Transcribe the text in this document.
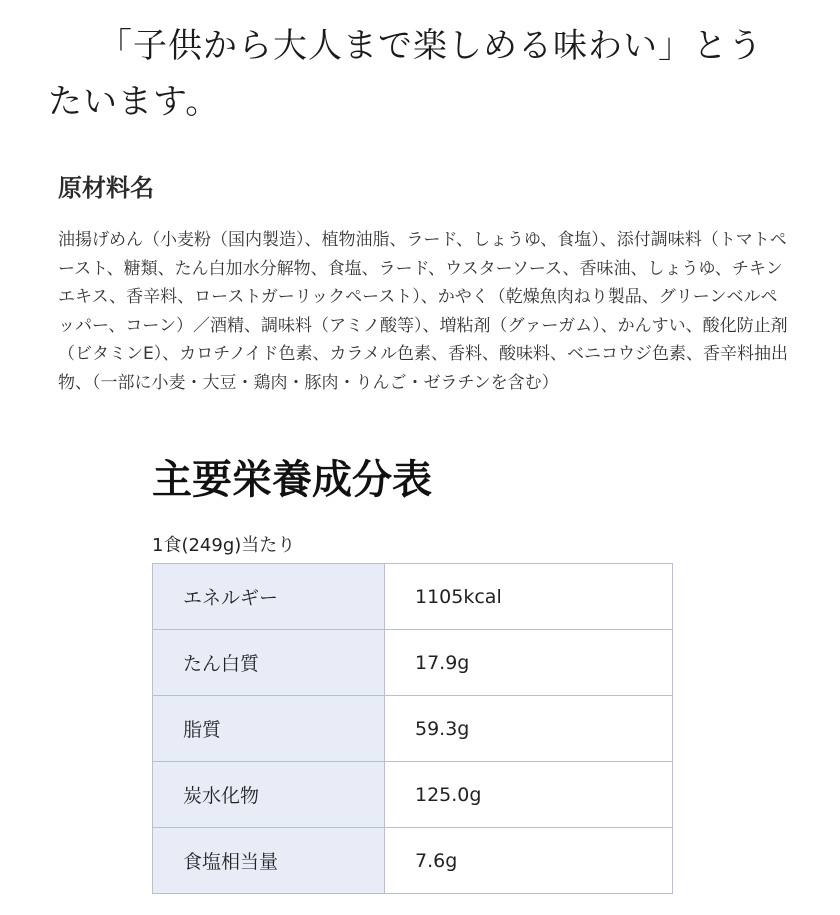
「子供から大人まで楽しめる味わい」とうたいます。

原材料名

油揚げめん（小麦粉（国内製造）、植物油脂、ラード、しょうゆ、食塩）、添付調味料（トマトペースト、糖類、たん白加水分解物、食塩、ラード、ウスターソース、香味油、しょうゆ、チキンエキス、香辛料、ローストガーリックペースト）、かやく（乾燥魚肉ねり製品、グリーンベルペッパー、コーン）／酒精、調味料（アミノ酸等）、増粘剤（グァーガム）、かんすい、酸化防止剤（ビタミンE）、カロチノイド色素、カラメル色素、香料、酸味料、ベニコウジ色素、香辛料抽出物、（一部に小麦・大豆・鶏肉・豚肉・りんご・ゼラチンを含む）

主要栄養成分表

1食(249g)当たり

エネルギー	1105kcal
たん白質	17.9g
脂質	59.3g
炭水化物	125.0g
食塩相当量	7.6g
